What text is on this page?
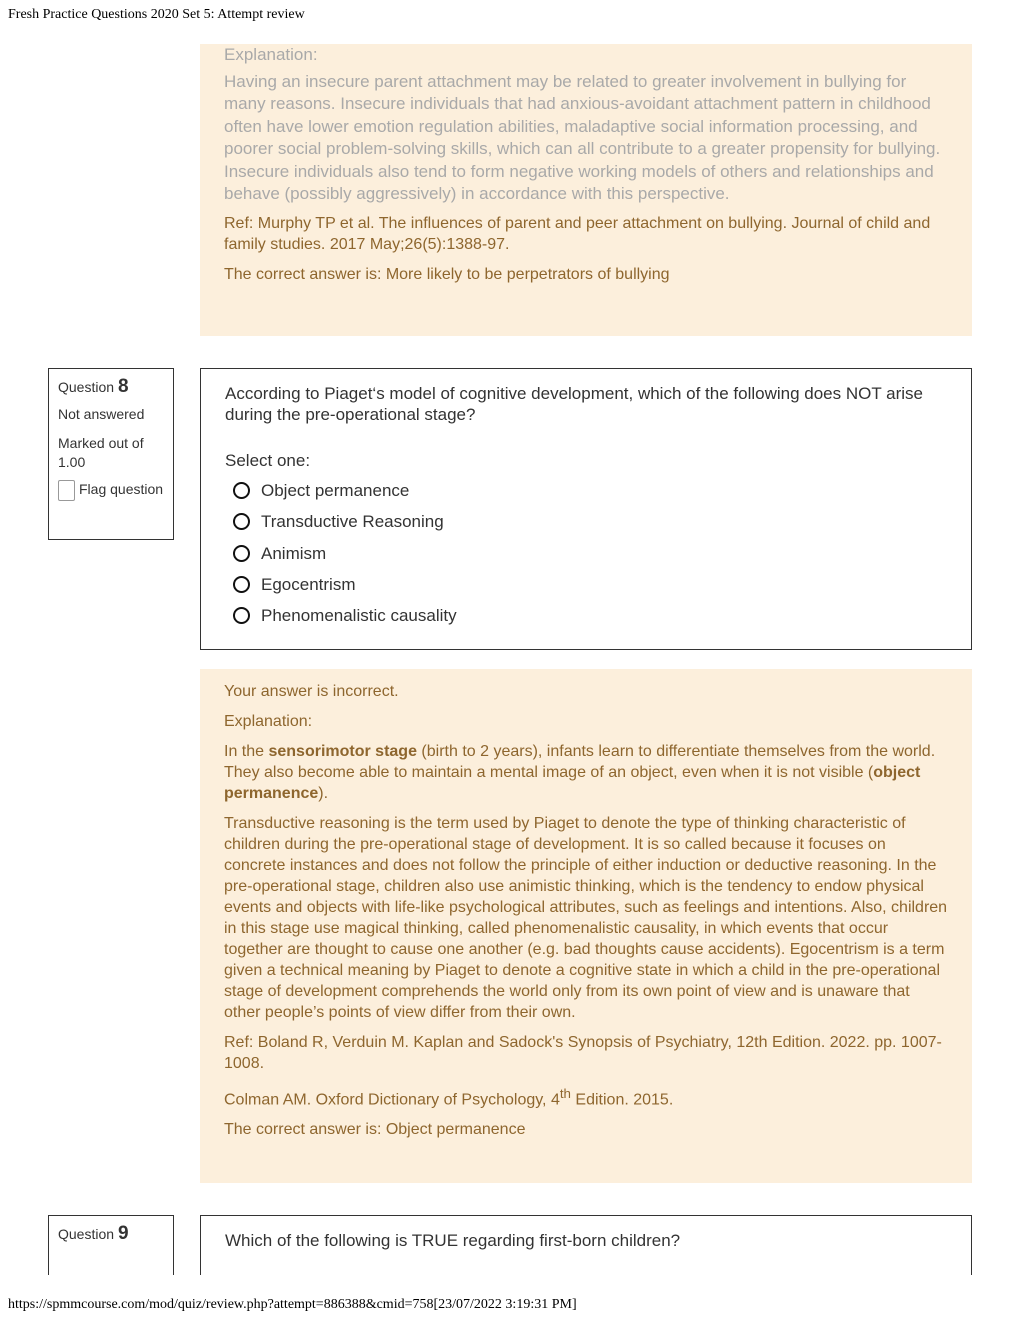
Fresh Practice Questions 2020 Set 5: Attempt review

Explanation:

Having an insecure parent attachment may be related to greater involvement in bullying for many reasons. Insecure individuals that had anxious-avoidant attachment pattern in childhood often have lower emotion regulation abilities, maladaptive social information processing, and poorer social problem-solving skills, which can all contribute to a greater propensity for bullying. Insecure individuals also tend to form negative working models of others and relationships and behave (possibly aggressively) in accordance with this perspective.

Ref: Murphy TP et al. The influences of parent and peer attachment on bullying. Journal of child and family studies. 2017 May;26(5):1388-97.

The correct answer is: More likely to be perpetrators of bullying

Question 8
Not answered
Marked out of 1.00
Flag question

According to Piaget‘s model of cognitive development, which of the following does NOT arise during the pre-operational stage?

Select one:
Object permanence
Transductive Reasoning
Animism
Egocentrism
Phenomenalistic causality

Your answer is incorrect.

Explanation:

In the sensorimotor stage (birth to 2 years), infants learn to differentiate themselves from the world. They also become able to maintain a mental image of an object, even when it is not visible (object permanence).

Transductive reasoning is the term used by Piaget to denote the type of thinking characteristic of children during the pre-operational stage of development. It is so called because it focuses on concrete instances and does not follow the principle of either induction or deductive reasoning. In the pre-operational stage, children also use animistic thinking, which is the tendency to endow physical events and objects with life-like psychological attributes, such as feelings and intentions. Also, children in this stage use magical thinking, called phenomenalistic causality, in which events that occur together are thought to cause one another (e.g. bad thoughts cause accidents). Egocentrism is a term given a technical meaning by Piaget to denote a cognitive state in which a child in the pre-operational stage of development comprehends the world only from its own point of view and is unaware that other people’s points of view differ from their own.

Ref: Boland R, Verduin M. Kaplan and Sadock's Synopsis of Psychiatry, 12th Edition. 2022. pp. 1007-1008.

Colman AM. Oxford Dictionary of Psychology, 4th Edition. 2015.

The correct answer is: Object permanence

Question 9	Which of the following is TRUE regarding first-born children?

https://spmmcourse.com/mod/quiz/review.php?attempt=886388&cmid=758[23/07/2022 3:19:31 PM]
